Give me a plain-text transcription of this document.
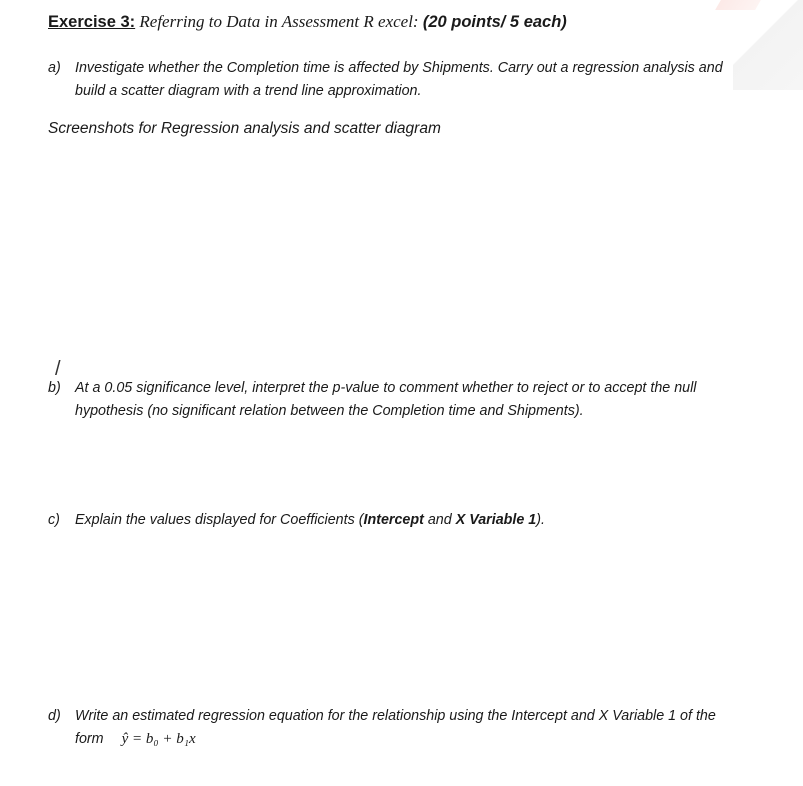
Exercise 3: Referring to Data in Assessment R excel: (20 points/ 5 each)
a) Investigate whether the Completion time is affected by Shipments. Carry out a regression analysis and
build a scatter diagram with a trend line approximation.
Screenshots for Regression analysis and scatter diagram
/
b) At a 0.05 significance level, interpret the p-value to comment whether to reject or to accept the null
hypothesis (no significant relation between the Completion time and Shipments).
c) Explain the values displayed for Coefficients (Intercept and X Variable 1).
d) Write an estimated regression equation for the relationship using the Intercept and X Variable 1 of the
form ŷ = b₀ + b₁x
